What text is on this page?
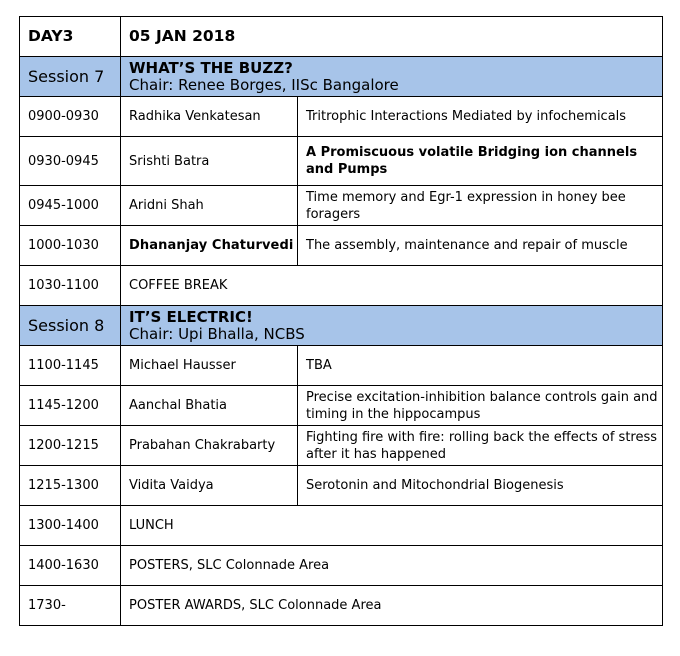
DAY3	05 JAN 2018	
Session 7	WHAT’S THE BUZZ?
Chair: Renee Borges, IISc Bangalore	

0900-0930	Radhika Venkatesan	Tritrophic Interactions Mediated by infochemicals
0930-0945	Srishti Batra	A Promiscuous volatile Bridging ion channels and Pumps
0945-1000	Aridni Shah	Time memory and Egr-1 expression in honey bee foragers
1000-1030	Dhananjay Chaturvedi	The assembly, maintenance and repair of muscle
1030-1100	COFFEE BREAK	
Session 8	IT’S ELECTRIC!
Chair: Upi Bhalla, NCBS	

1100-1145	Michael Hausser	TBA
1145-1200	Aanchal Bhatia	Precise excitation-inhibition balance controls gain and timing in the hippocampus
1200-1215	Prabahan Chakrabarty	Fighting fire with fire: rolling back the effects of stress after it has happened
1215-1300	Vidita Vaidya	Serotonin and Mitochondrial Biogenesis
1300-1400	LUNCH	
1400-1630	POSTERS, SLC Colonnade Area	
1730-	POSTER AWARDS, SLC Colonnade Area	
